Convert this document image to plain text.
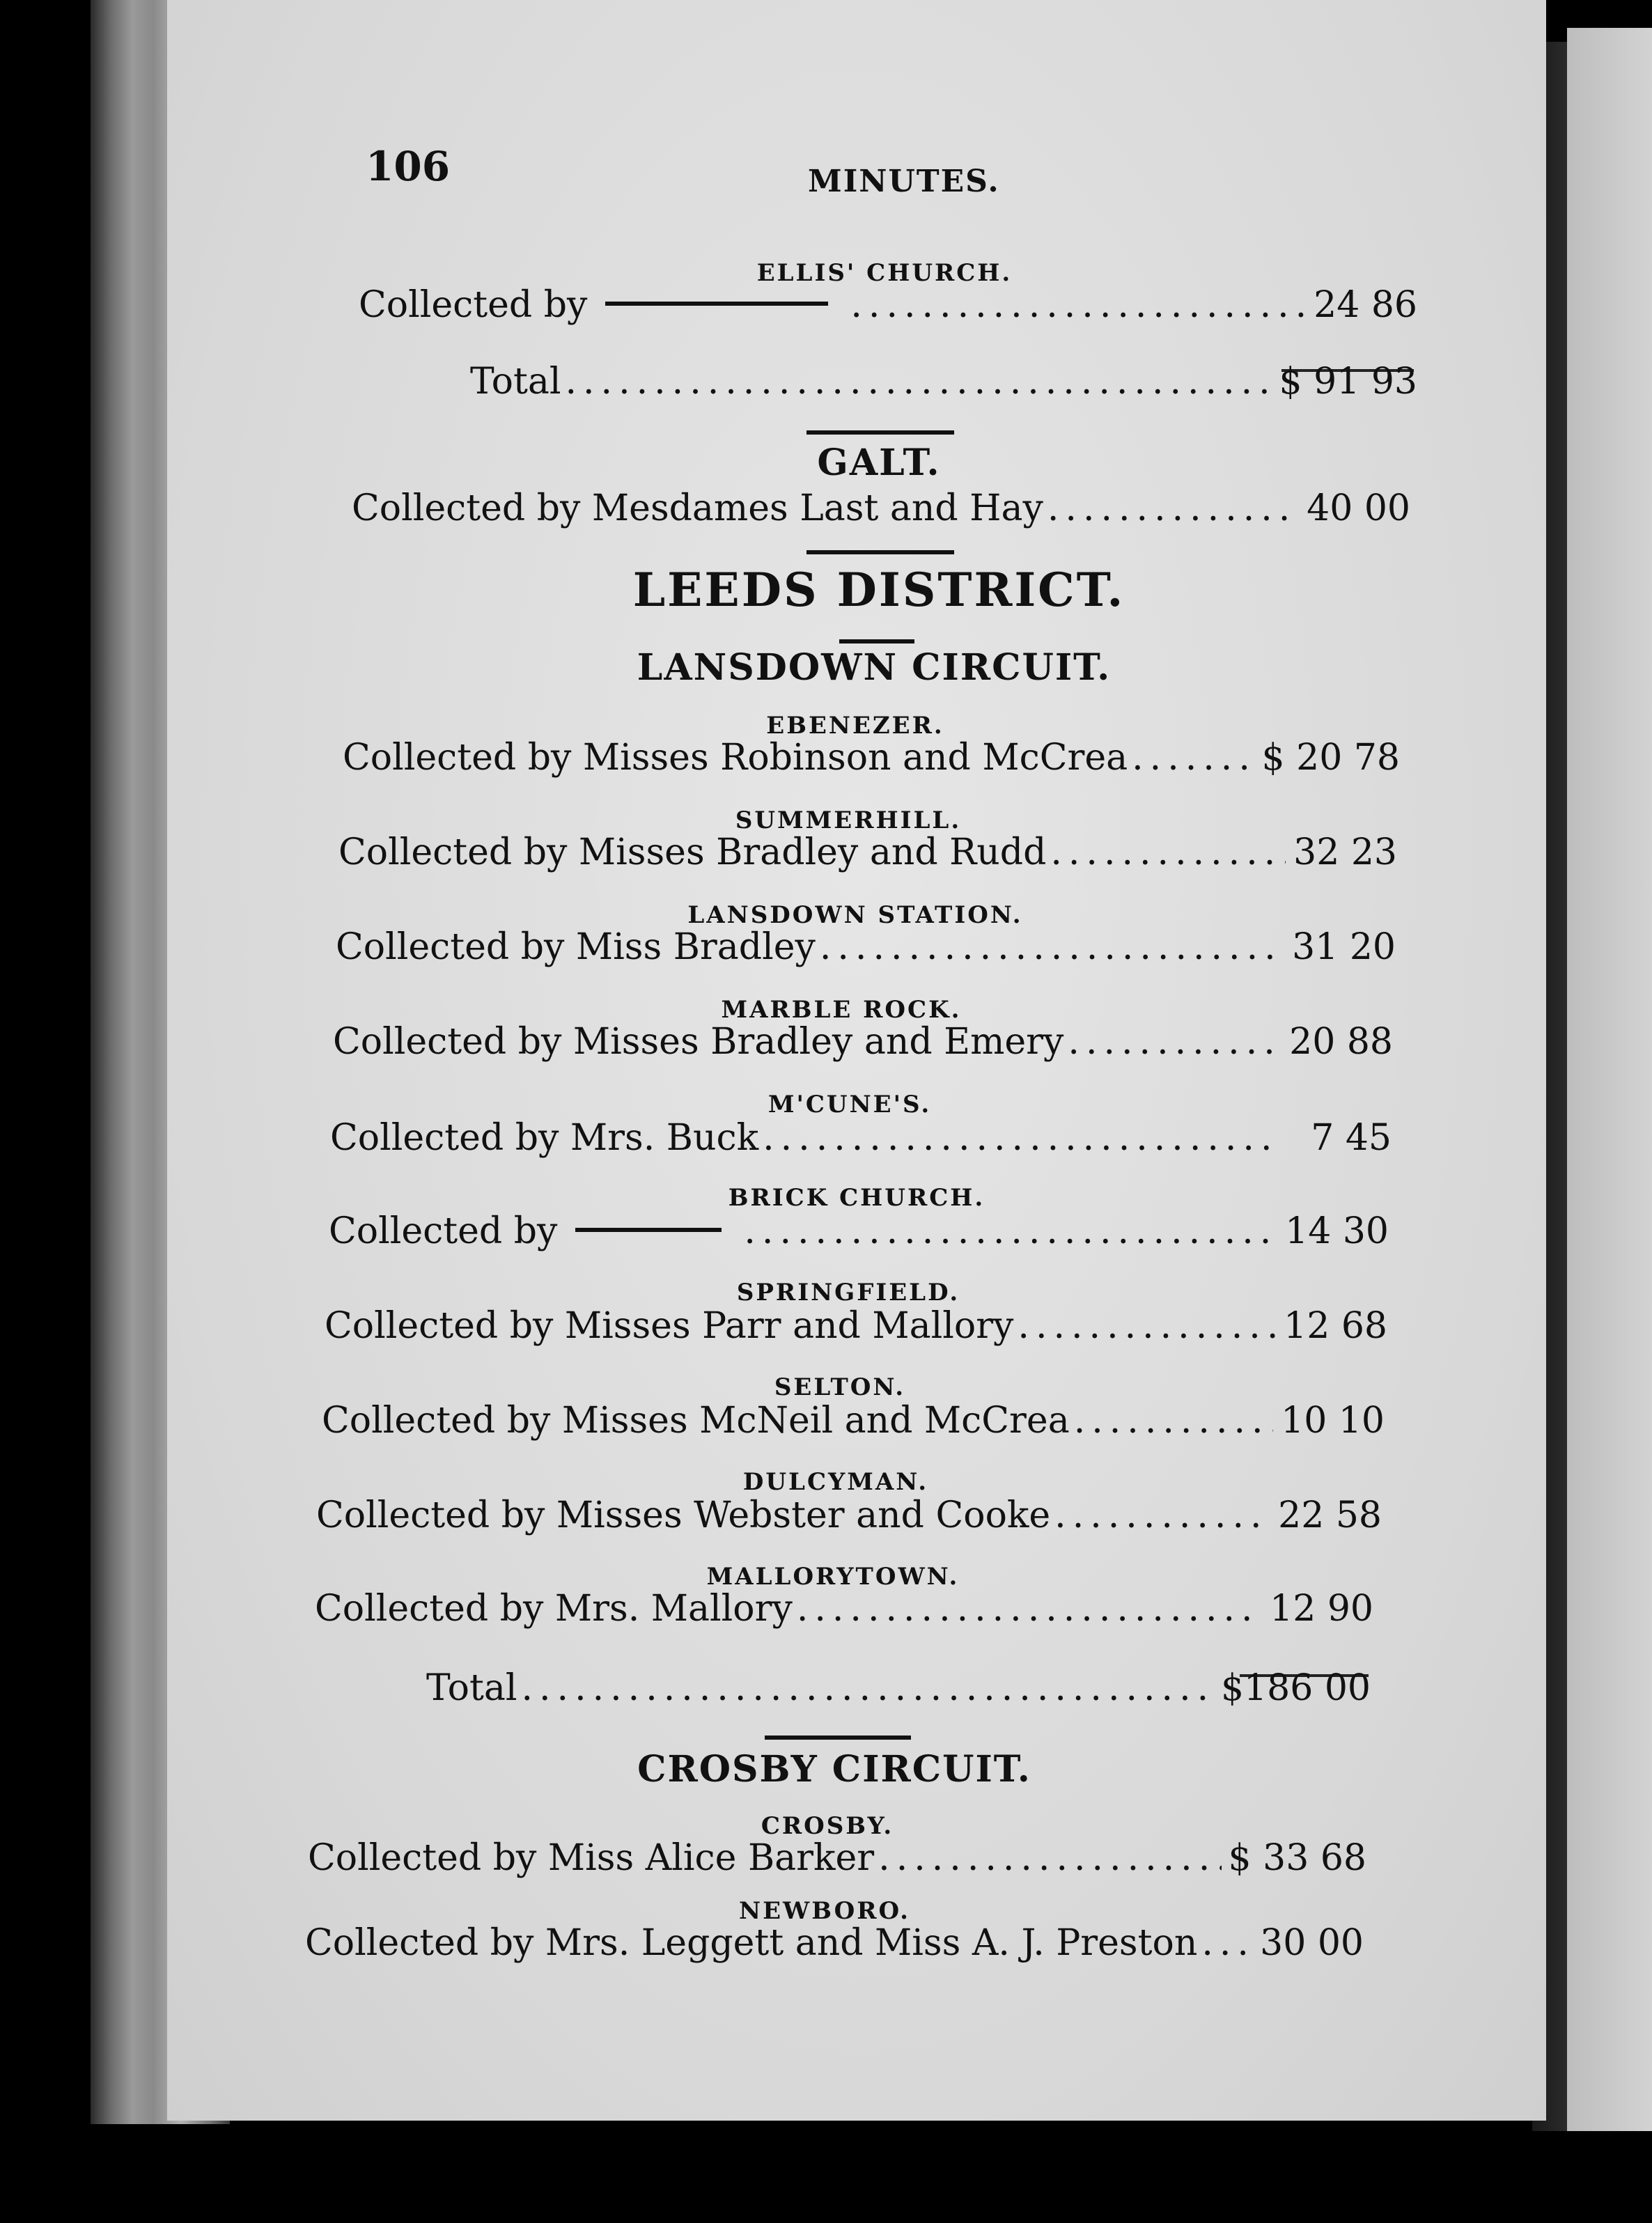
106	MINUTES.
ELLIS' CHURCH.
Collected by .....	24 86
Total .....	$ 91 93
GALT.
Collected by Mesdames Last and Hay .....	40 00
LEEDS DISTRICT.
LANSDOWN CIRCUIT.
EBENEZER.
Collected by Misses Robinson and McCrea .....	$ 20 78
SUMMERHILL.
Collected by Misses Bradley and Rudd .....	32 23
LANSDOWN STATION.
Collected by Miss Bradley .....	31 20
MARBLE ROCK.
Collected by Misses Bradley and Emery .....	20 88
M'CUNE'S.
Collected by Mrs. Buck .....	7 45
BRICK CHURCH.
Collected by .....	14 30
SPRINGFIELD.
Collected by Misses Parr and Mallory .....	12 68
SELTON.
Collected by Misses McNeil and McCrea .....	10 10
DULCYMAN.
Collected by Misses Webster and Cooke .....	22 58
MALLORYTOWN.
Collected by Mrs. Mallory .....	12 90
Total .....	$186 00
CROSBY CIRCUIT.
CROSBY.
Collected by Miss Alice Barker .....	$ 33 68
NEWBORO.
Collected by Mrs. Leggett and Miss A. J. Preston ..... 30 00
